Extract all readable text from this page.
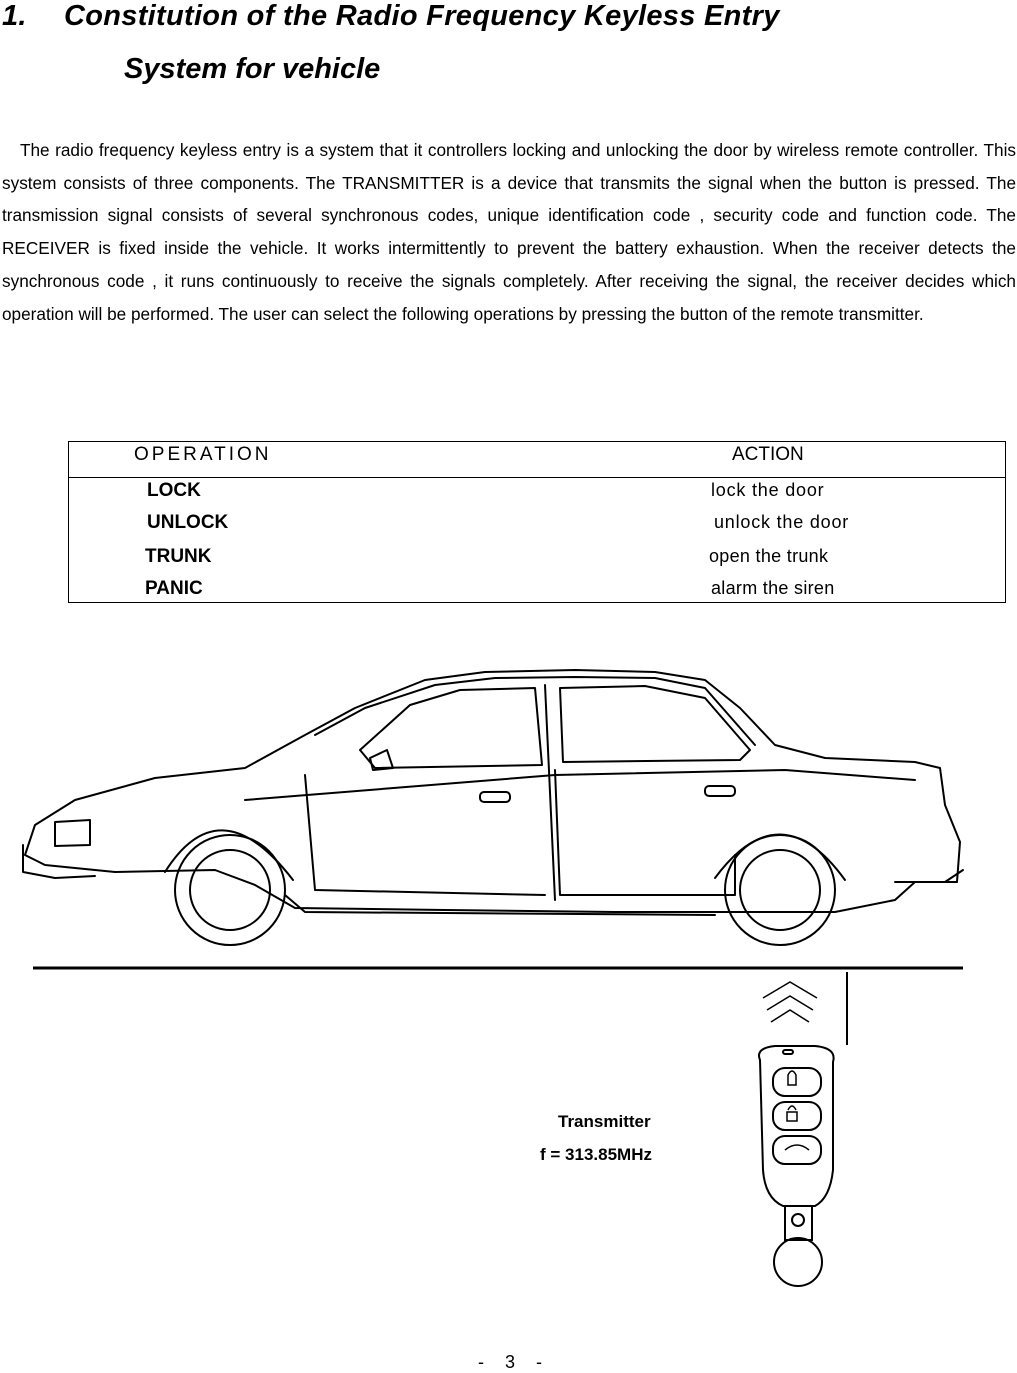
1. Constitution of the Radio Frequency Keyless Entry
System for vehicle

The radio frequency keyless entry is a system that it controllers locking and unlocking the door by wireless remote controller. This system consists of three components. The TRANSMITTER is a device that transmits the signal when the button is pressed. The transmission signal consists of several synchronous codes, unique identification code , security code and function code. The RECEIVER is fixed inside the vehicle. It works intermittently to prevent the battery exhaustion. When the receiver detects the synchronous code , it runs continuously to receive the signals completely. After receiving the signal, the receiver decides which operation will be performed. The user can select the following operations by pressing the button of the remote transmitter.

OPERATION	ACTION
LOCK	lock the door
UNLOCK	unlock the door
TRUNK	open the trunk
PANIC	alarm the siren
Transmitter
f = 313.85MHz
- 3 -
